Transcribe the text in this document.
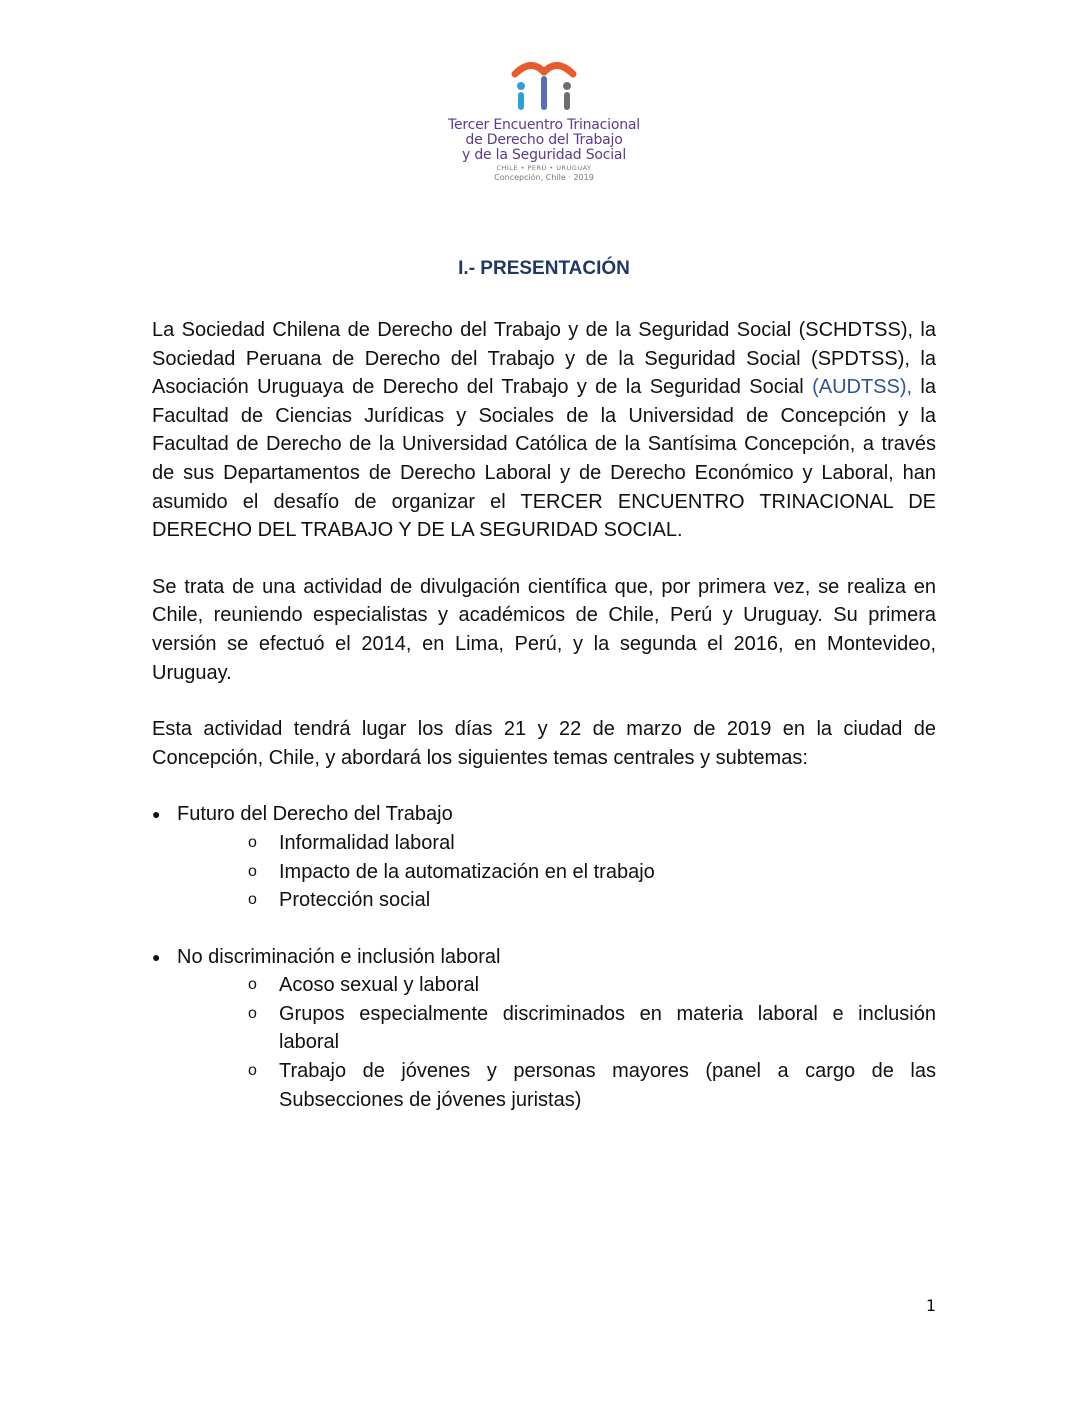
Tercer Encuentro Trinacional
de Derecho del Trabajo
y de la Seguridad Social
CHILE • PERÚ • URUGUAY
Concepción, Chile · 2019
I.- PRESENTACIÓN

La Sociedad Chilena de Derecho del Trabajo y de la Seguridad Social (SCHDTSS), la Sociedad Peruana de Derecho del Trabajo y de la Seguridad Social (SPDTSS), la Asociación Uruguaya de Derecho del Trabajo y de la Seguridad Social (AUDTSS), la Facultad de Ciencias Jurídicas y Sociales de la Universidad de Concepción y la Facultad de Derecho de la Universidad Católica de la Santísima Concepción, a través de sus Departamentos de Derecho Laboral y de Derecho Económico y Laboral, han asumido el desafío de organizar el TERCER ENCUENTRO TRINACIONAL DE DERECHO DEL TRABAJO Y DE LA SEGURIDAD SOCIAL.

Se trata de una actividad de divulgación científica que, por primera vez, se realiza en Chile, reuniendo especialistas y académicos de Chile, Perú y Uruguay. Su primera versión se efectuó el 2014, en Lima, Perú, y la segunda el 2016, en Montevideo, Uruguay.

Esta actividad tendrá lugar los días 21 y 22 de marzo de 2019 en la ciudad de Concepción, Chile, y abordará los siguientes temas centrales y subtemas:

● Futuro del Derecho del Trabajo
o Informalidad laboral
o Impacto de la automatización en el trabajo
o Protección social
● No discriminación e inclusión laboral
o Acoso sexual y laboral
o Grupos especialmente discriminados en materia laboral e inclusión laboral
o Trabajo de jóvenes y personas mayores (panel a cargo de las Subsecciones de jóvenes juristas)
1
